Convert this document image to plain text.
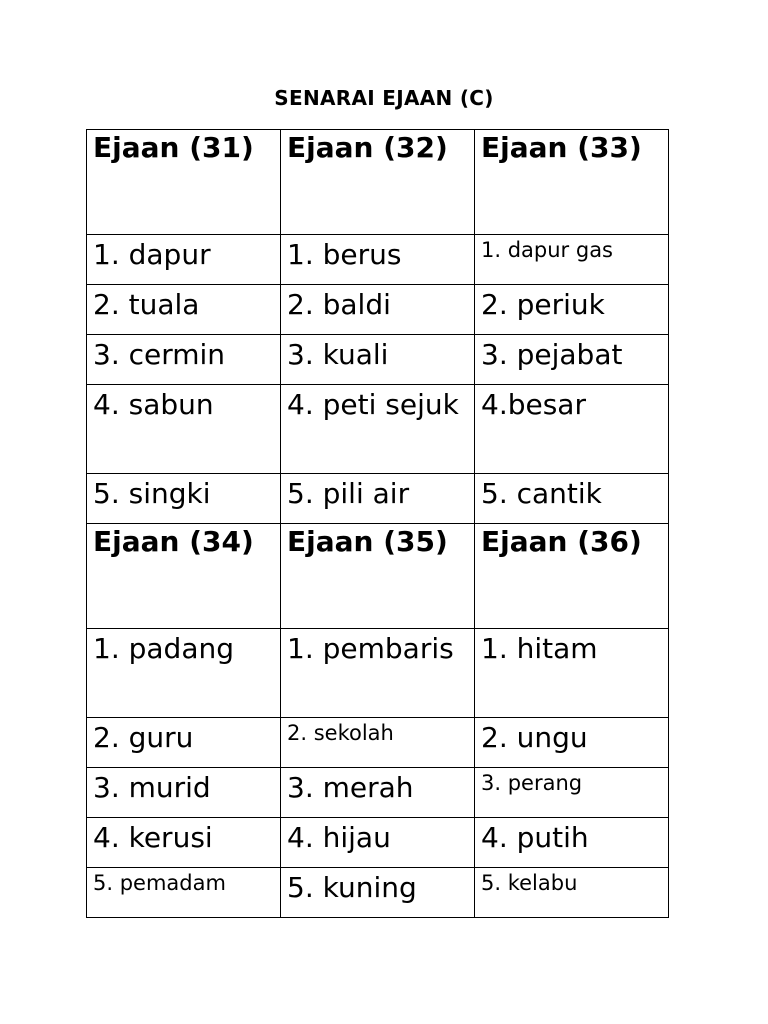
SENARAI EJAAN (C)
Ejaan (31)	Ejaan (32)	Ejaan (33)
1. dapur	1. berus	1. dapur gas
2. tuala	2. baldi	2. periuk
3. cermin	3. kuali	3. pejabat
4. sabun	4. peti sejuk	4.besar
5. singki	5. pili air	5. cantik
Ejaan (34)	Ejaan (35)	Ejaan (36)
1. padang	1. pembaris	1. hitam
2. guru	2. sekolah	2. ungu
3. murid	3. merah	3. perang
4. kerusi	4. hijau	4. putih
5. pemadam	5. kuning	5. kelabu
